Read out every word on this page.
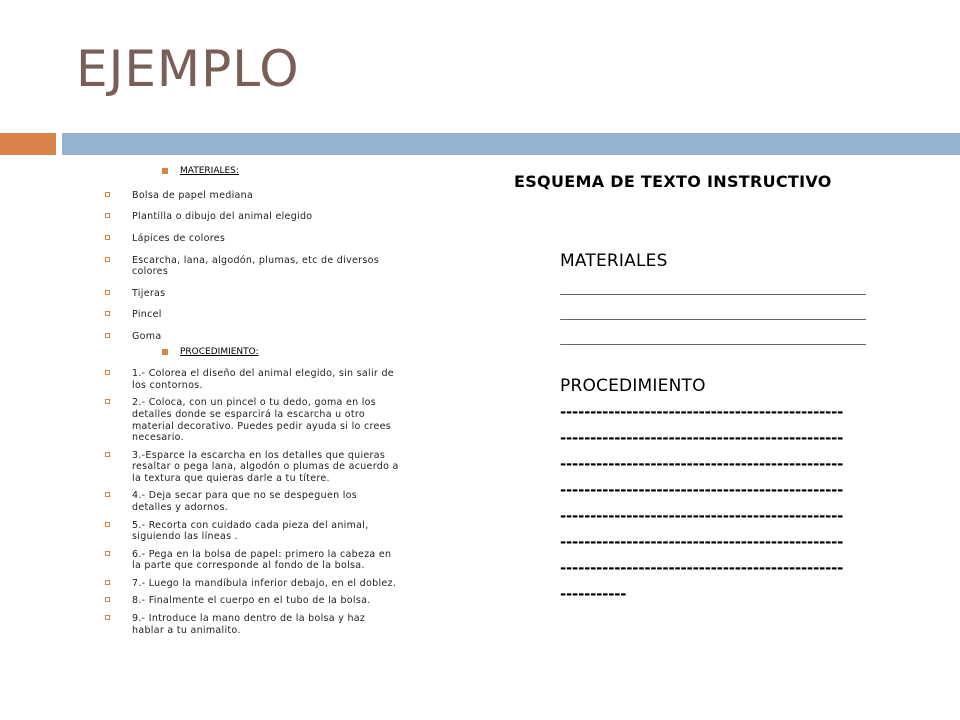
EJEMPLO
MATERIALES:
Bolsa de papel mediana
Plantilla o dibujo del animal elegido
Lápices de colores
Escarcha, lana, algodón, plumas, etc de diversos colores
Tijeras
Pincel
Goma
PROCEDIMIENTO:
1.- Colorea el diseño del animal elegido, sin salir de los contornos.
2.- Coloca, con un pincel o tu dedo, goma en los detalles donde se esparcirá la escarcha u otro material decorativo. Puedes pedir ayuda si lo crees necesario.
3.-Esparce la escarcha en los detalles que quieras resaltar o pega lana, algodón o plumas de acuerdo a la textura que quieras darle a tu títere.
4.- Deja secar para que no se despeguen los detalles y adornos.
5.- Recorta con cuidado cada pieza del animal, siguiendo las líneas .
6.- Pega en la bolsa de papel: primero la cabeza en la parte que corresponde al fondo de la bolsa.
7.- Luego la mandíbula inferior debajo, en el doblez.
8.- Finalmente el cuerpo en el tubo de la bolsa.
9.- Introduce la mano dentro de la bolsa y haz hablar a tu animalito.
ESQUEMA DE TEXTO INSTRUCTIVO
MATERIALES
______________________________________
______________________________________
______________________________________
PROCEDIMIENTO
-----------------------------------------------
-----------------------------------------------
-----------------------------------------------
-----------------------------------------------
-----------------------------------------------
-----------------------------------------------
-----------------------------------------------
-----------
